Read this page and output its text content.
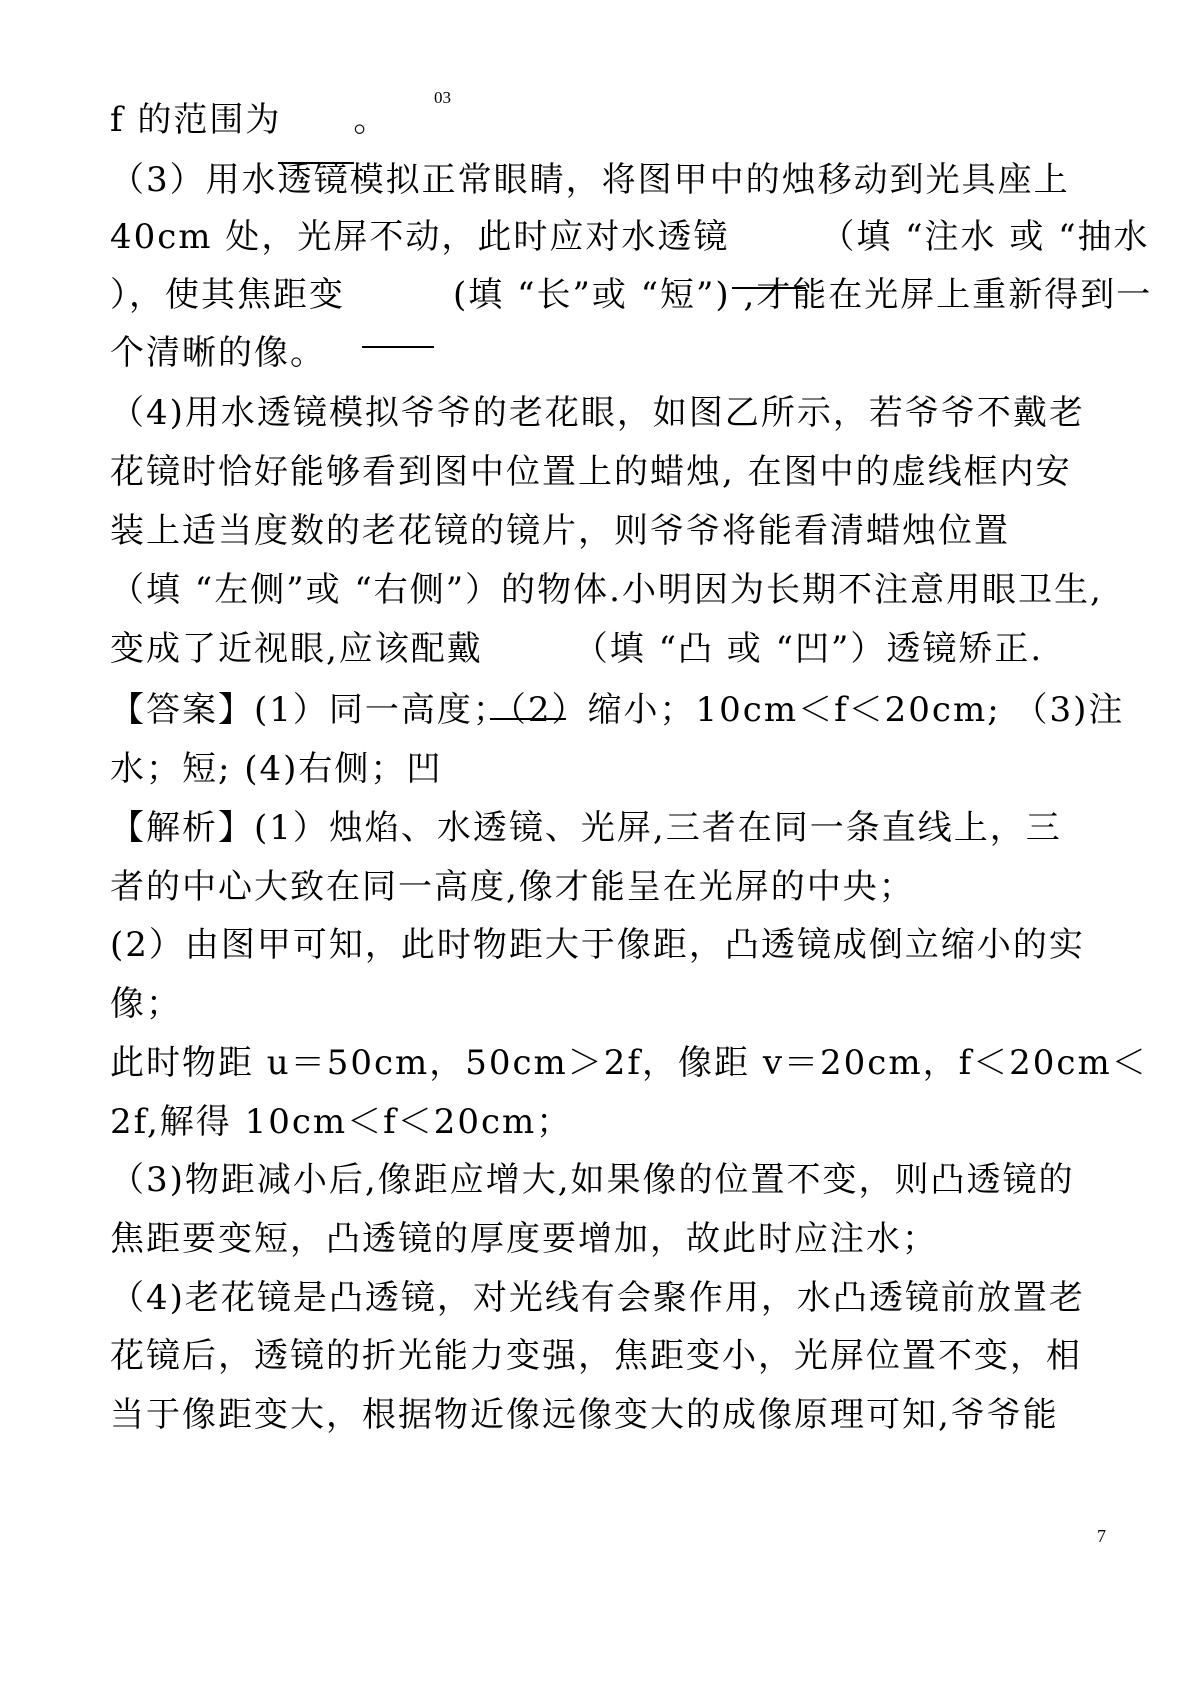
03
f 的范围为　　。
（3）用水透镜模拟正常眼睛，将图甲中的烛移动到光具座上
40cm 处，光屏不动，此时应对水透镜　　　（填 “注水 或 “抽水
），使其焦距变　　　(填 “长”或 “短”) ,才能在光屏上重新得到一
个清晰的像。
（4)用水透镜模拟爷爷的老花眼，如图乙所示，若爷爷不戴老
花镜时恰好能够看到图中位置上的蜡烛, 在图中的虚线框内安
装上适当度数的老花镜的镜片，则爷爷将能看清蜡烛位置
（填 “左侧”或 “右侧”）的物体.小明因为长期不注意用眼卫生,
变成了近视眼,应该配戴　　　（填 “凸 或 “凹”）透镜矫正.
【答案】(1）同一高度；（2）缩小；10cm＜f＜20cm; （3)注
水；短; (4)右侧；凹
【解析】(1）烛焰、水透镜、光屏,三者在同一条直线上，三
者的中心大致在同一高度,像才能呈在光屏的中央；
(2）由图甲可知，此时物距大于像距，凸透镜成倒立缩小的实
像；
此时物距 u＝50cm，50cm＞2f，像距 v＝20cm，f＜20cm＜
2f,解得 10cm＜f＜20cm；
（3)物距减小后,像距应增大,如果像的位置不变，则凸透镜的
焦距要变短，凸透镜的厚度要增加，故此时应注水；
（4)老花镜是凸透镜，对光线有会聚作用，水凸透镜前放置老
花镜后，透镜的折光能力变强，焦距变小，光屏位置不变，相
当于像距变大，根据物近像远像变大的成像原理可知,爷爷能
7
